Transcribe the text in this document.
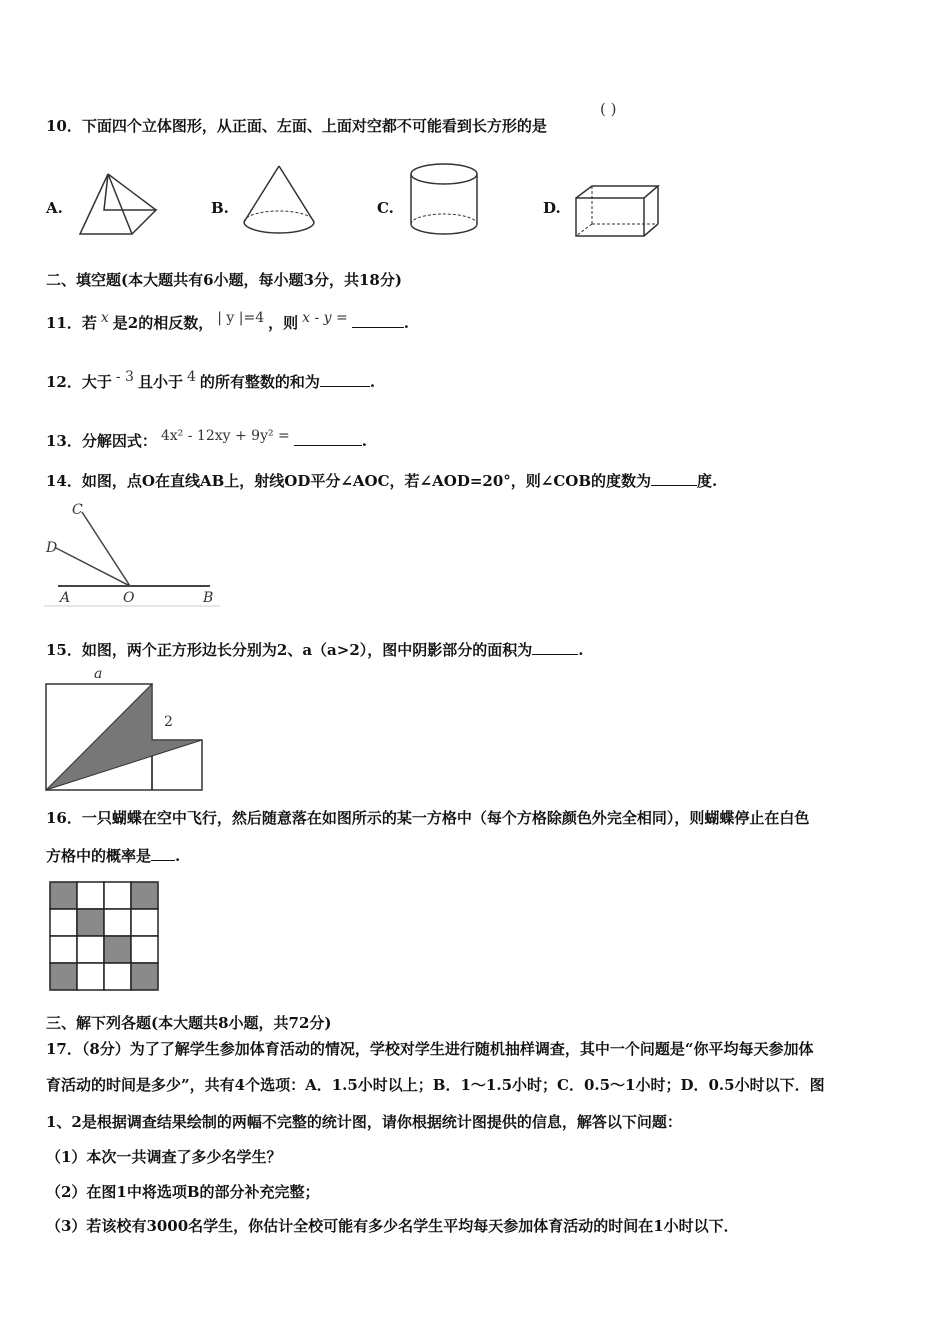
10．下面四个立体图形，从正面、左面、上面对空都不可能看到长方形的是
( )
A.	B.	C.	D.
二、填空题(本大题共有6小题，每小题3分，共18分)
11．若 $^x$ 是2的相反数， $^{| y |=4}$ ，则 $^{x - y =}$	.
12．大于 $^{- 3}$ 且小于 $^4$ 的所有整数的和为	.
13．分解因式： $^{4x^2 - 12xy + 9y^2 =}$	.
14．如图，点O在直线AB上，射线OD平分∠AOC，若∠AOD=20°，则∠COB的度数为	度.
C
D
A	O	B
15．如图，两个正方形边长分别为2、a（a>2），图中阴影部分的面积为	.
a
2
16．一只蝴蝶在空中飞行，然后随意落在如图所示的某一方格中（每个方格除颜色外完全相同），则蝴蝶停止在白色
方格中的概率是 .
三、解下列各题(本大题共8小题，共72分)
17．（8分）为了了解学生参加体育活动的情况，学校对学生进行随机抽样调查，其中一个问题是“你平均每天参加体
育活动的时间是多少”，共有4个选项：A．1.5小时以上；B．1～1.5小时；C．0.5～1小时；D．0.5小时以下．图
1、2是根据调查结果绘制的两幅不完整的统计图，请你根据统计图提供的信息，解答以下问题：
（1）本次一共调查了多少名学生？
（2）在图1中将选项B的部分补充完整；
（3）若该校有3000名学生，你估计全校可能有多少名学生平均每天参加体育活动的时间在1小时以下．
